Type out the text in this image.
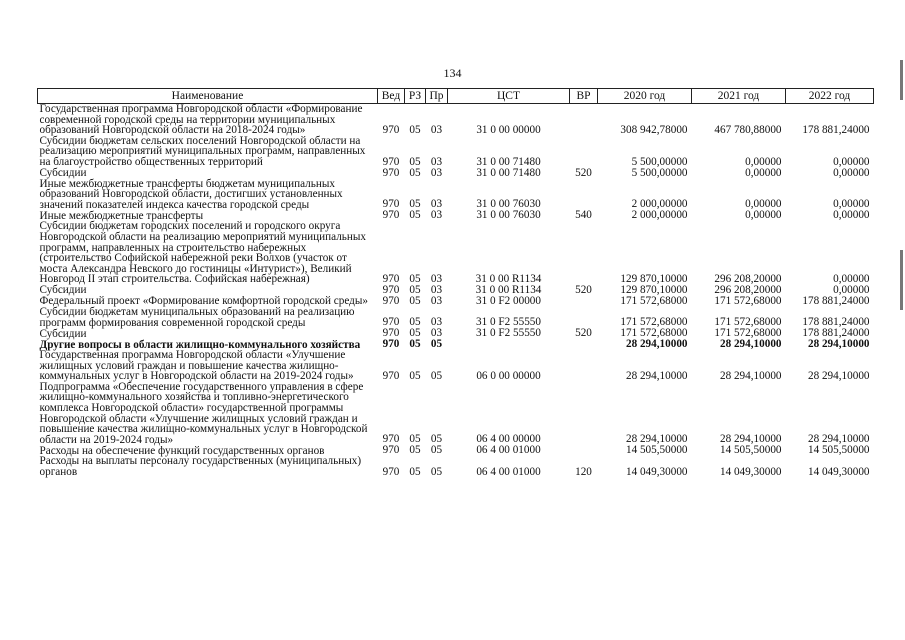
134
Наименование	Вед	РЗ	Пр	ЦСТ	ВР	2020 год	2021 год	2022 год
Государственная программа Новгородской области «Формирование современной городской среды на территории муниципальных образований Новгородской области на 2018-2024 годы»	970	05	03	31 0 00 00000		308 942,78000	467 780,88000	178 881,24000
Субсидии бюджетам сельских поселений Новгородской области на реализацию мероприятий муниципальных программ, направленных на благоустройство общественных территорий	970	05	03	31 0 00 71480		5 500,00000	0,00000	0,00000
Субсидии	970	05	03	31 0 00 71480	520	5 500,00000	0,00000	0,00000
Иные межбюджетные трансферты бюджетам муниципальных образований Новгородской области, достигших установленных значений показателей индекса качества городской среды	970	05	03	31 0 00 76030		2 000,00000	0,00000	0,00000
Иные межбюджетные трансферты	970	05	03	31 0 00 76030	540	2 000,00000	0,00000	0,00000
Субсидии бюджетам городских поселений и городского округа Новгородской области на реализацию мероприятий муниципальных программ, направленных на строительство набережных (строительство Софийской набережной реки Волхов (участок от моста Александра Невского до гостиницы «Интурист»), Великий Новгород II этап строительства. Софийская набережная)	970	05	03	31 0 00 R1134		129 870,10000	296 208,20000	0,00000
Субсидии	970	05	03	31 0 00 R1134	520	129 870,10000	296 208,20000	0,00000
Федеральный проект «Формирование комфортной городской среды»	970	05	03	31 0 F2 00000		171 572,68000	171 572,68000	178 881,24000
Субсидии бюджетам муниципальных образований на реализацию программ формирования современной городской среды	970	05	03	31 0 F2 55550		171 572,68000	171 572,68000	178 881,24000
Субсидии	970	05	03	31 0 F2 55550	520	171 572,68000	171 572,68000	178 881,24000
Другие вопросы в области жилищно-коммунального хозяйства	970	05	05			28 294,10000	28 294,10000	28 294,10000
Государственная программа Новгородской области «Улучшение жилищных условий граждан и повышение качества жилищно-коммунальных услуг в Новгородской области на 2019-2024 годы»	970	05	05	06 0 00 00000		28 294,10000	28 294,10000	28 294,10000
Подпрограмма «Обеспечение государственного управления в сфере жилищно-коммунального хозяйства и топливно-энергетического комплекса Новгородской области» государственной программы Новгородской области «Улучшение жилищных условий граждан и повышение качества жилищно-коммунальных услуг в Новгородской области на 2019-2024 годы»	970	05	05	06 4 00 00000		28 294,10000	28 294,10000	28 294,10000
Расходы на обеспечение функций государственных органов	970	05	05	06 4 00 01000		14 505,50000	14 505,50000	14 505,50000
Расходы на выплаты персоналу государственных (муниципальных) органов	970	05	05	06 4 00 01000	120	14 049,30000	14 049,30000	14 049,30000
